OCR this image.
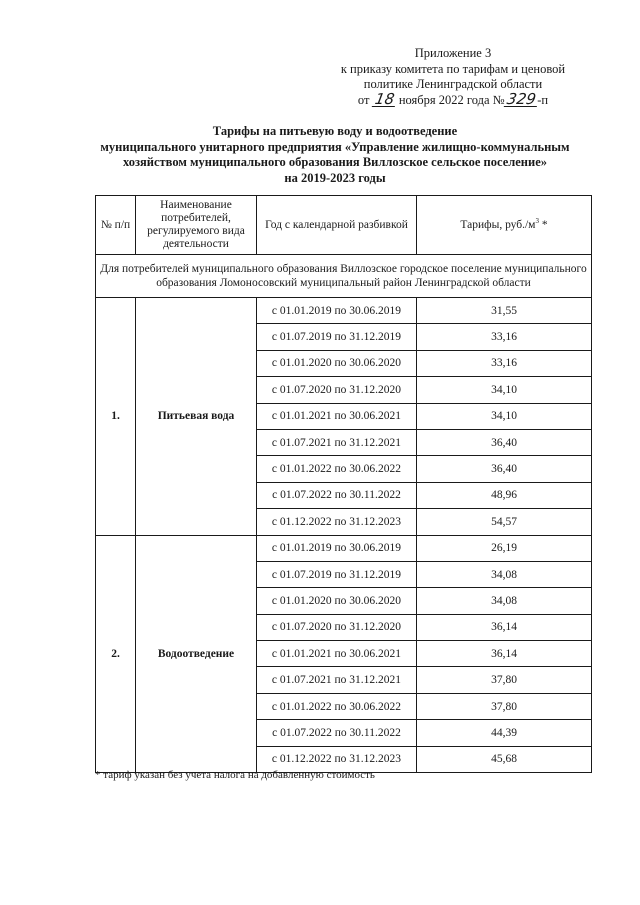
Приложение 3
к приказу комитета по тарифам и ценовой
политике Ленинградской области
от 18 ноября 2022 года №329-п
Тарифы на питьевую воду и водоотведение
муниципального унитарного предприятия «Управление жилищно-коммунальным
хозяйством муниципального образования Виллозское сельское поселение»
на 2019-2023 годы
№ п/п	Наименование потребителей, регулируемого вида деятельности	Год с календарной разбивкой	Тарифы, $руб./м^3$ *
Для потребителей муниципального образования Виллозское городское поселение муниципального образования Ломоносовский муниципальный район Ленинградской области			
1.	Питьевая вода	с 01.01.2019 по 30.06.2019	31,55
		с 01.07.2019 по 31.12.2019	33,16
		с 01.01.2020 по 30.06.2020	33,16
		с 01.07.2020 по 31.12.2020	34,10
		с 01.01.2021 по 30.06.2021	34,10
		с 01.07.2021 по 31.12.2021	36,40
		с 01.01.2022 по 30.06.2022	36,40
		с 01.07.2022 по 30.11.2022	48,96
		с 01.12.2022 по 31.12.2023	54,57
2.	Водоотведение	с 01.01.2019 по 30.06.2019	26,19
		с 01.07.2019 по 31.12.2019	34,08
		с 01.01.2020 по 30.06.2020	34,08
		с 01.07.2020 по 31.12.2020	36,14
		с 01.01.2021 по 30.06.2021	36,14
		с 01.07.2021 по 31.12.2021	37,80
		с 01.01.2022 по 30.06.2022	37,80
		с 01.07.2022 по 30.11.2022	44,39
		с 01.12.2022 по 31.12.2023	45,68
* тариф указан без учета налога на добавленную стоимость
